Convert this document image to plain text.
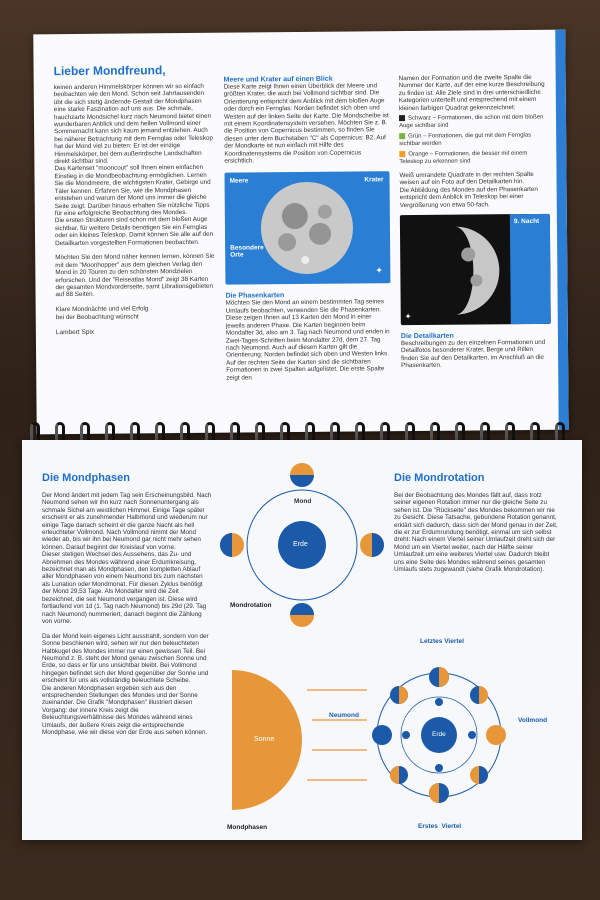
Lieber Mondfreund,

keinen anderen Himmelskörper können wir so einfach beobachten wie den Mond. Schon seit Jahrtausenden übt die sich stetig ändernde Gestalt der Mondphasen eine starke Faszination auf uns aus. Die schmale, hauchzarte Mondsichel kurz nach Neumond bietet einen wunderbaren Anblick und dem hellen Vollmond einer Sommernacht kann sich kaum jemand entziehen. Auch bei näherer Betrachtung mit dem Fernglas oder Teleskop hat der Mond viel zu bieten: Er ist der einzige Himmelskörper, bei dem außerirdische Landschaften direkt sichtbar sind.
Das Kartenset "mooncout" soll Ihnen einen einfachen Einstieg in die Mondbeobachtung ermöglichen. Lernen Sie die Mondmeere, die wichtigsten Krater, Gebirge und Täler kennen. Erfahren Sie, wie die Mondphasen entstehen und warum der Mond uns immer die gleiche Seite zeigt. Darüber hinaus erhalten Sie nützliche Tipps für eine erfolgreiche Beobachtung des Mondes.
Die ersten Strukturen sind schon mit dem bloßen Auge sichtbar, für weitere Details benötigen Sie ein Fernglas oder ein kleines Teleskop. Damit können Sie alle auf den Detailkarten vorgestellten Formationen beobachten.

Möchten Sie den Mond näher kennen lernen, können Sie mit dem "Moonhopper" aus dem gleichen Verlag den Mond in 20 Touren zu den schönsten Mondzielen erforschen. Und der "Reiseatlas Mond" zeigt 38 Karten der gesamten Mondvorderseite, samt Librationsgebieten auf 88 Seiten.

Klare Mondnächte und viel Erfolg
bei der Beobachtung wünscht

Lambert Spix

Meere und Krater auf einen Blick

Diese Karte zeigt Ihnen einen Überblick der Meere und größten Krater, die auch bei Vollmond sichtbar sind. Die Orientierung entspricht dem Anblick mit dem bloßen Auge oder durch ein Fernglas: Norden befindet sich oben und Westen auf der linken Seite der Karte. Die Mondscheibe ist mit einem Koordinatensystem versehen. Möchten Sie z. B. die Position von Copernicus bestimmen, so finden Sie diesen unter dem Buchstaben "C" als Copernicus: B2. Auf der Mondkarte ist nun einfach mit Hilfe des Koordinatensystems die Position von Copernicus ersichtlich.

✦
Meere	Krater
Besondere
Orte

Die Phasenkarten

Möchten Sie den Mond an einem bestimmten Tag seines Umlaufs beobachten, verwenden Sie die Phasenkarten. Diese zeigen Ihnen auf 13 Karten den Mond in einer jeweils anderen Phase. Die Karten beginnen beim Mondalter 3d, also am 3. Tag nach Neumond und enden in Zwei-Tages-Schritten beim Mondalter 27d, dem 27. Tag nach Neumond. Auch auf diesen Karten gilt die Orientierung: Norden befindet sich oben und Westen links. Auf der rechten Seite der Karten sind die sichtbaren Formationen in zwei Spalten aufgelistet. Die erste Spalte zeigt den

Namen der Formation und die zweite Spalte die Nummer der Karte, auf der eine kurze Beschreibung zu finden ist. Alle Ziele sind in drei unterschiedliche Kategorien unterteilt und entsprechend mit einem kleinen farbigen Quadrat gekennzeichnet:

Schwarz – Formationen, die schon mit dem bloßen Auge sichtbar sind
Grün – Formationen, die gut mit dem Fernglas sichtbar werden
Orange – Formationen, die besser mit einem Teleskop zu erkennen sind

Weiß umrandete Quadrate in der rechten Spalte weisen auf ein Foto auf den Detailkarten hin.
Die Abbildung des Mondes auf den Phasenkarten entspricht dem Anblick im Teleskop bei einer Vergrößerung von etwa 50-fach.

✦
9. Nacht

Die Detailkarten

Beschreibungen zu den einzelnen Formationen und Detailfotos besonderer Krater, Berge und Rillen finden Sie auf den Detailkarten, im Anschluß an die Phasenkarten.

Die Mondphasen

Der Mond ändert mit jedem Tag sein Erscheinungsbild. Nach Neumond sehen wir ihn kurz nach Sonnenuntergang als schmale Sichel am westlichen Himmel. Einige Tage später erscheint er als zunehmender Halbmond und wiederum nur einige Tage danach scheint er die ganze Nacht als hell erleuchteter Vollmond. Nach Vollmond nimmt der Mond wieder ab, bis wir ihn bei Neumond gar nicht mehr sehen können. Darauf beginnt der Kreislauf von vorne.
Dieser stetigen Wechsel des Aussehens, das Zu- und Abnehmen des Mondes während einer Erdumkreisung, bezeichnet man als Mondphasen, den kompletten Ablauf aller Mondphasen von einem Neumond bis zum nächsten als Lunation oder Mondmonat. Für diesen Zyklus benötigt der Mond 29,53 Tage. Als Mondalter wird die Zeit bezeichnet, die seit Neumond vergangen ist. Diese wird fortlaufend von 1d (1. Tag nach Neumond) bis 29d (29. Tag nach Neumond) nummeriert, danach beginnt die Zählung von vorne.

Da der Mond kein eigenes Licht ausstrahlt, sondern von der Sonne beschienen wird, sehen wir nur den beleuchteten Halbkugel des Mondes immer nur einen gewissen Teil. Bei Neumond z. B. steht der Mond genau zwischen Sonne und Erde, so dass er für uns unsichtbar bleibt. Bei Vollmond hingegen befindet sich der Mond gegenüber der Sonne und erscheint für uns als vollständig beleuchtete Scheibe.
Die anderen Mondphasen ergeben sich aus den entsprechenden Stellungen des Mondes und der Sonne zueinander. Die Grafik "Mondphasen" illustriert diesen Vorgang: der innere Kreis zeigt die Beleuchtungsverhältnisse des Mondes während eines Umlaufs, der äußere Kreis zeigt die entsprechende Mondphase, wie wir diese von der Erde aus sehen können.

Mond
Erde
Mondrotation
Die Mondrotation

Bei der Beobachtung des Mondes fällt auf, dass trotz seiner eigenen Rotation immer nur die gleiche Seite zu sehen ist. Die "Rückseite" des Mondes bekommen wir nie zu Gesicht. Diese Tatsache, gebundene Rotation genannt, erklärt sich dadurch, dass sich der Mond genau in der Zeit, die er zur Erdumrundung benötigt, einmal um sich selbst dreht: Nach einem Viertel seiner Umlaufzeit dreht sich der Mond um ein Viertel weiter, nach der Hälfte seiner Umlaufzeit um eine weiteres Viertel usw. Dadurch bleibt uns eine Seite des Mondes während seines gesamten Umlaufs stets zugewandt (siehe Grafik Mondrotation).

Sonne
Neumond
Vollmond
Letztes Viertel
Erstes  Viertel
Erde
Mondphasen
